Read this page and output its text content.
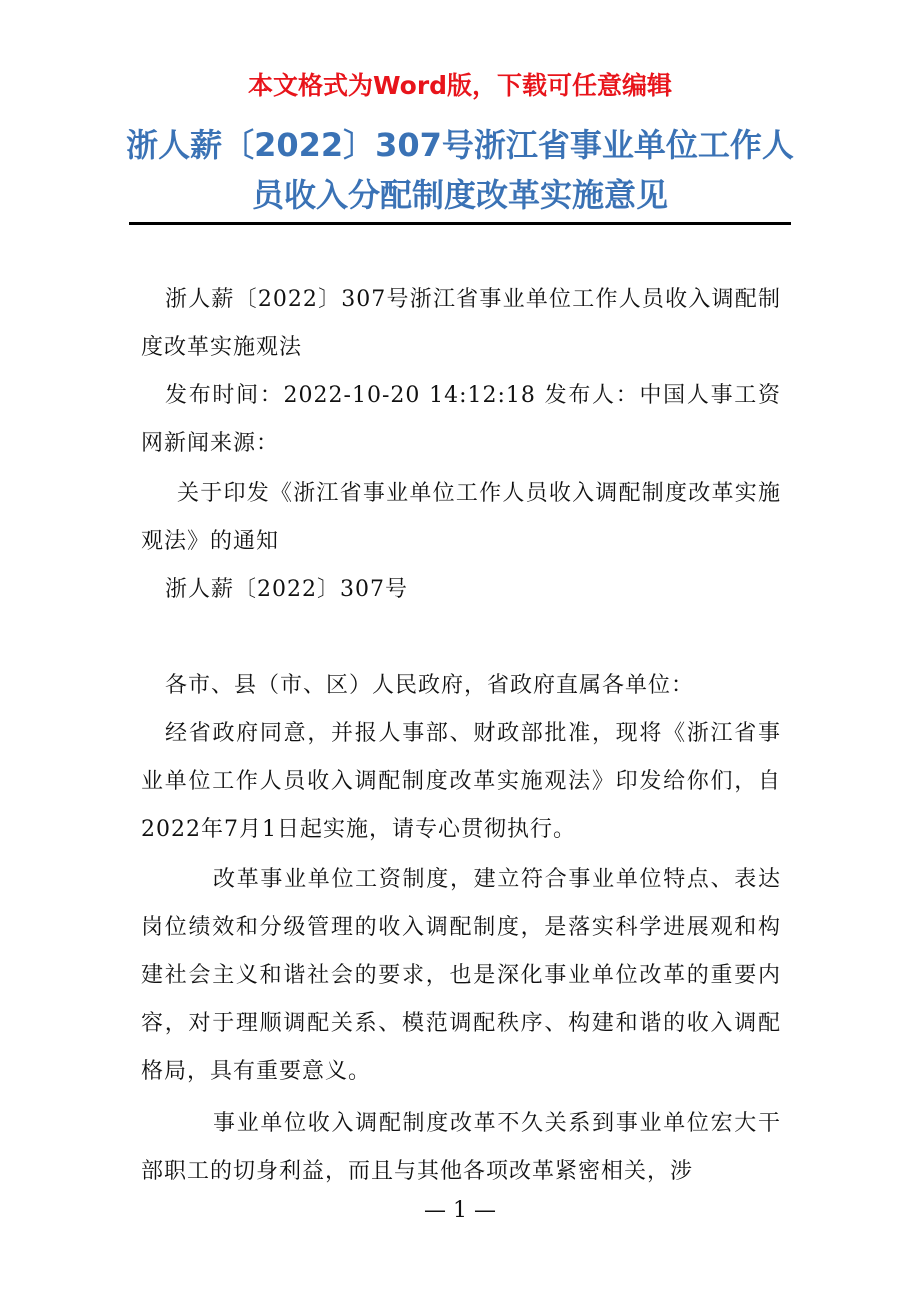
本文格式为Word版，下载可任意编辑
浙人薪〔2022〕307号浙江省事业单位工作人员收入分配制度改革实施意见
浙人薪〔2022〕307号浙江省事业单位工作人员收入调配制度改革实施观法
发布时间：2022-10-20 14:12:18 发布人：中国人事工资网新闻来源：
关于印发《浙江省事业单位工作人员收入调配制度改革实施观法》的通知
浙人薪〔2022〕307号
各市、县（市、区）人民政府，省政府直属各单位：
经省政府同意，并报人事部、财政部批准，现将《浙江省事业单位工作人员收入调配制度改革实施观法》印发给你们，自2022年7月1日起实施，请专心贯彻执行。
改革事业单位工资制度，建立符合事业单位特点、表达岗位绩效和分级管理的收入调配制度，是落实科学进展观和构建社会主义和谐社会的要求，也是深化事业单位改革的重要内容，对于理顺调配关系、模范调配秩序、构建和谐的收入调配格局，具有重要意义。
事业单位收入调配制度改革不久关系到事业单位宏大干部职工的切身利益，而且与其他各项改革紧密相关，涉
— 1 —
